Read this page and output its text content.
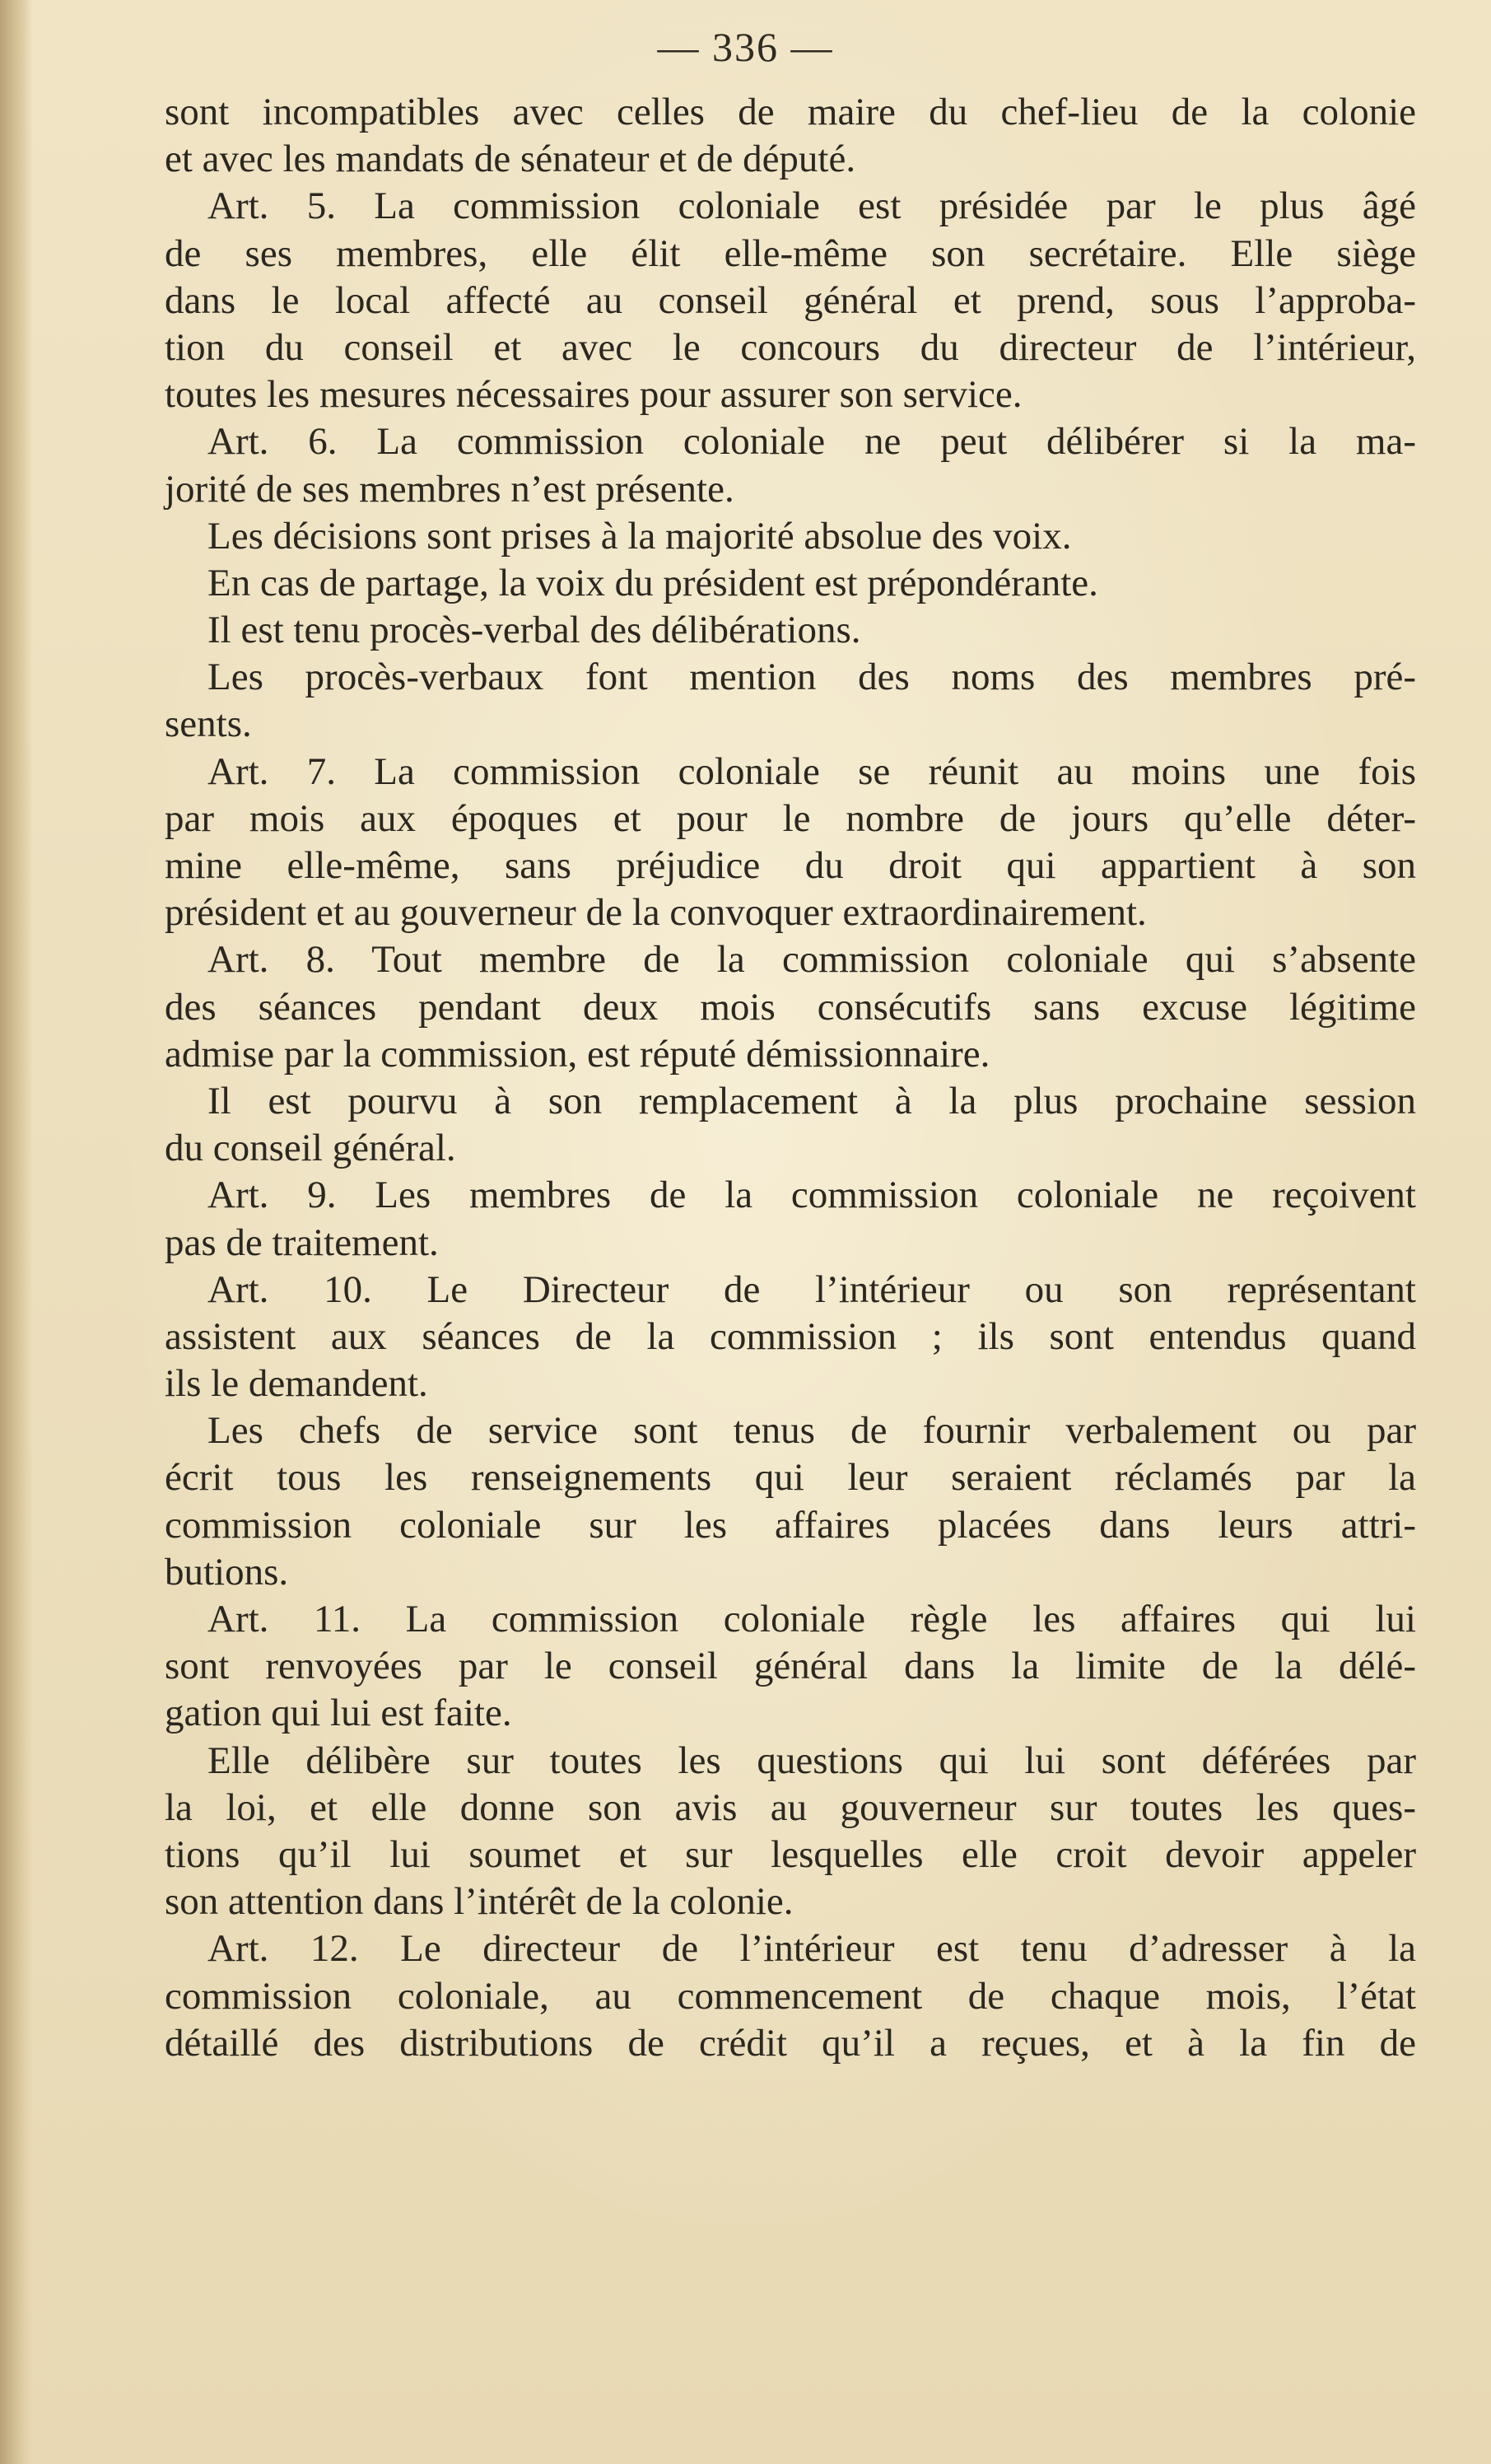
— 336 —
sont incompatibles avec celles de maire du chef-lieu de la colonie
et avec les mandats de sénateur et de député.
Art. 5. La commission coloniale est présidée par le plus âgé
de ses membres, elle élit elle-même son secrétaire. Elle siège
dans le local affecté au conseil général et prend, sous l’approba-
tion du conseil et avec le concours du directeur de l’intérieur,
toutes les mesures nécessaires pour assurer son service.
Art. 6. La commission coloniale ne peut délibérer si la ma-
jorité de ses membres n’est présente.
Les décisions sont prises à la majorité absolue des voix.
En cas de partage, la voix du président est prépondérante.
Il est tenu procès-verbal des délibérations.
Les procès-verbaux font mention des noms des membres pré-
sents.
Art. 7. La commission coloniale se réunit au moins une fois
par mois aux époques et pour le nombre de jours qu’elle déter-
mine elle-même, sans préjudice du droit qui appartient à son
président et au gouverneur de la convoquer extraordinairement.
Art. 8. Tout membre de la commission coloniale qui s’absente
des séances pendant deux mois consécutifs sans excuse légitime
admise par la commission, est réputé démissionnaire.
Il est pourvu à son remplacement à la plus prochaine session
du conseil général.
Art. 9. Les membres de la commission coloniale ne reçoivent
pas de traitement.
Art. 10. Le Directeur de l’intérieur ou son représentant
assistent aux séances de la commission ; ils sont entendus quand
ils le demandent.
Les chefs de service sont tenus de fournir verbalement ou par
écrit tous les renseignements qui leur seraient réclamés par la
commission coloniale sur les affaires placées dans leurs attri-
butions.
Art. 11. La commission coloniale règle les affaires qui lui
sont renvoyées par le conseil général dans la limite de la délé-
gation qui lui est faite.
Elle délibère sur toutes les questions qui lui sont déférées par
la loi, et elle donne son avis au gouverneur sur toutes les ques-
tions qu’il lui soumet et sur lesquelles elle croit devoir appeler
son attention dans l’intérêt de la colonie.
Art. 12. Le directeur de l’intérieur est tenu d’adresser à la
commission coloniale, au commencement de chaque mois, l’état
détaillé des distributions de crédit qu’il a reçues, et à la fin de
